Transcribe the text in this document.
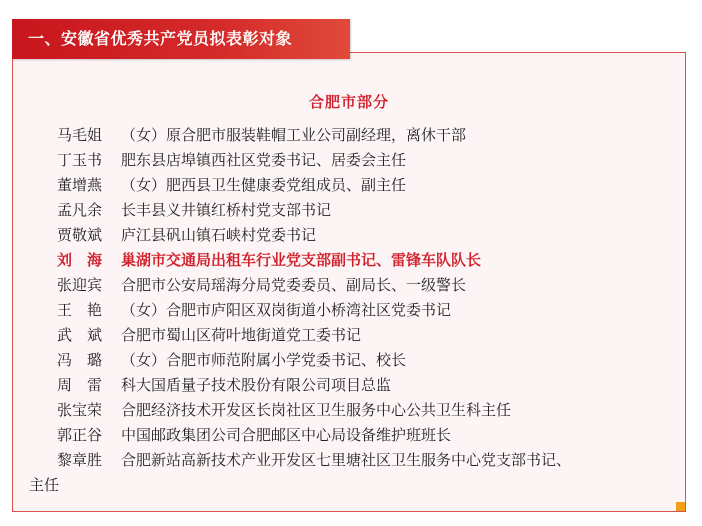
合肥市部分
马毛姐 （女）原合肥市服装鞋帽工业公司副经理，离休干部
丁玉书 肥东县店埠镇西社区党委书记、居委会主任
董增燕 （女）肥西县卫生健康委党组成员、副主任
孟凡余 长丰县义井镇红桥村党支部书记
贾敬斌 庐江县矾山镇石峡村党委书记
刘　海 巢湖市交通局出租车行业党支部副书记、雷锋车队队长
张迎宾 合肥市公安局瑶海分局党委委员、副局长、一级警长
王　艳 （女）合肥市庐阳区双岗街道小桥湾社区党委书记
武　斌 合肥市蜀山区荷叶地街道党工委书记
冯　璐 （女）合肥市师范附属小学党委书记、校长
周　雷 科大国盾量子技术股份有限公司项目总监
张宝荣 合肥经济技术开发区长岗社区卫生服务中心公共卫生科主任
郭正谷 中国邮政集团公司合肥邮区中心局设备维护班班长
黎章胜 合肥新站高新技术产业开发区七里塘社区卫生服务中心党支部书记、
主任
一、安徽省优秀共产党员拟表彰对象
